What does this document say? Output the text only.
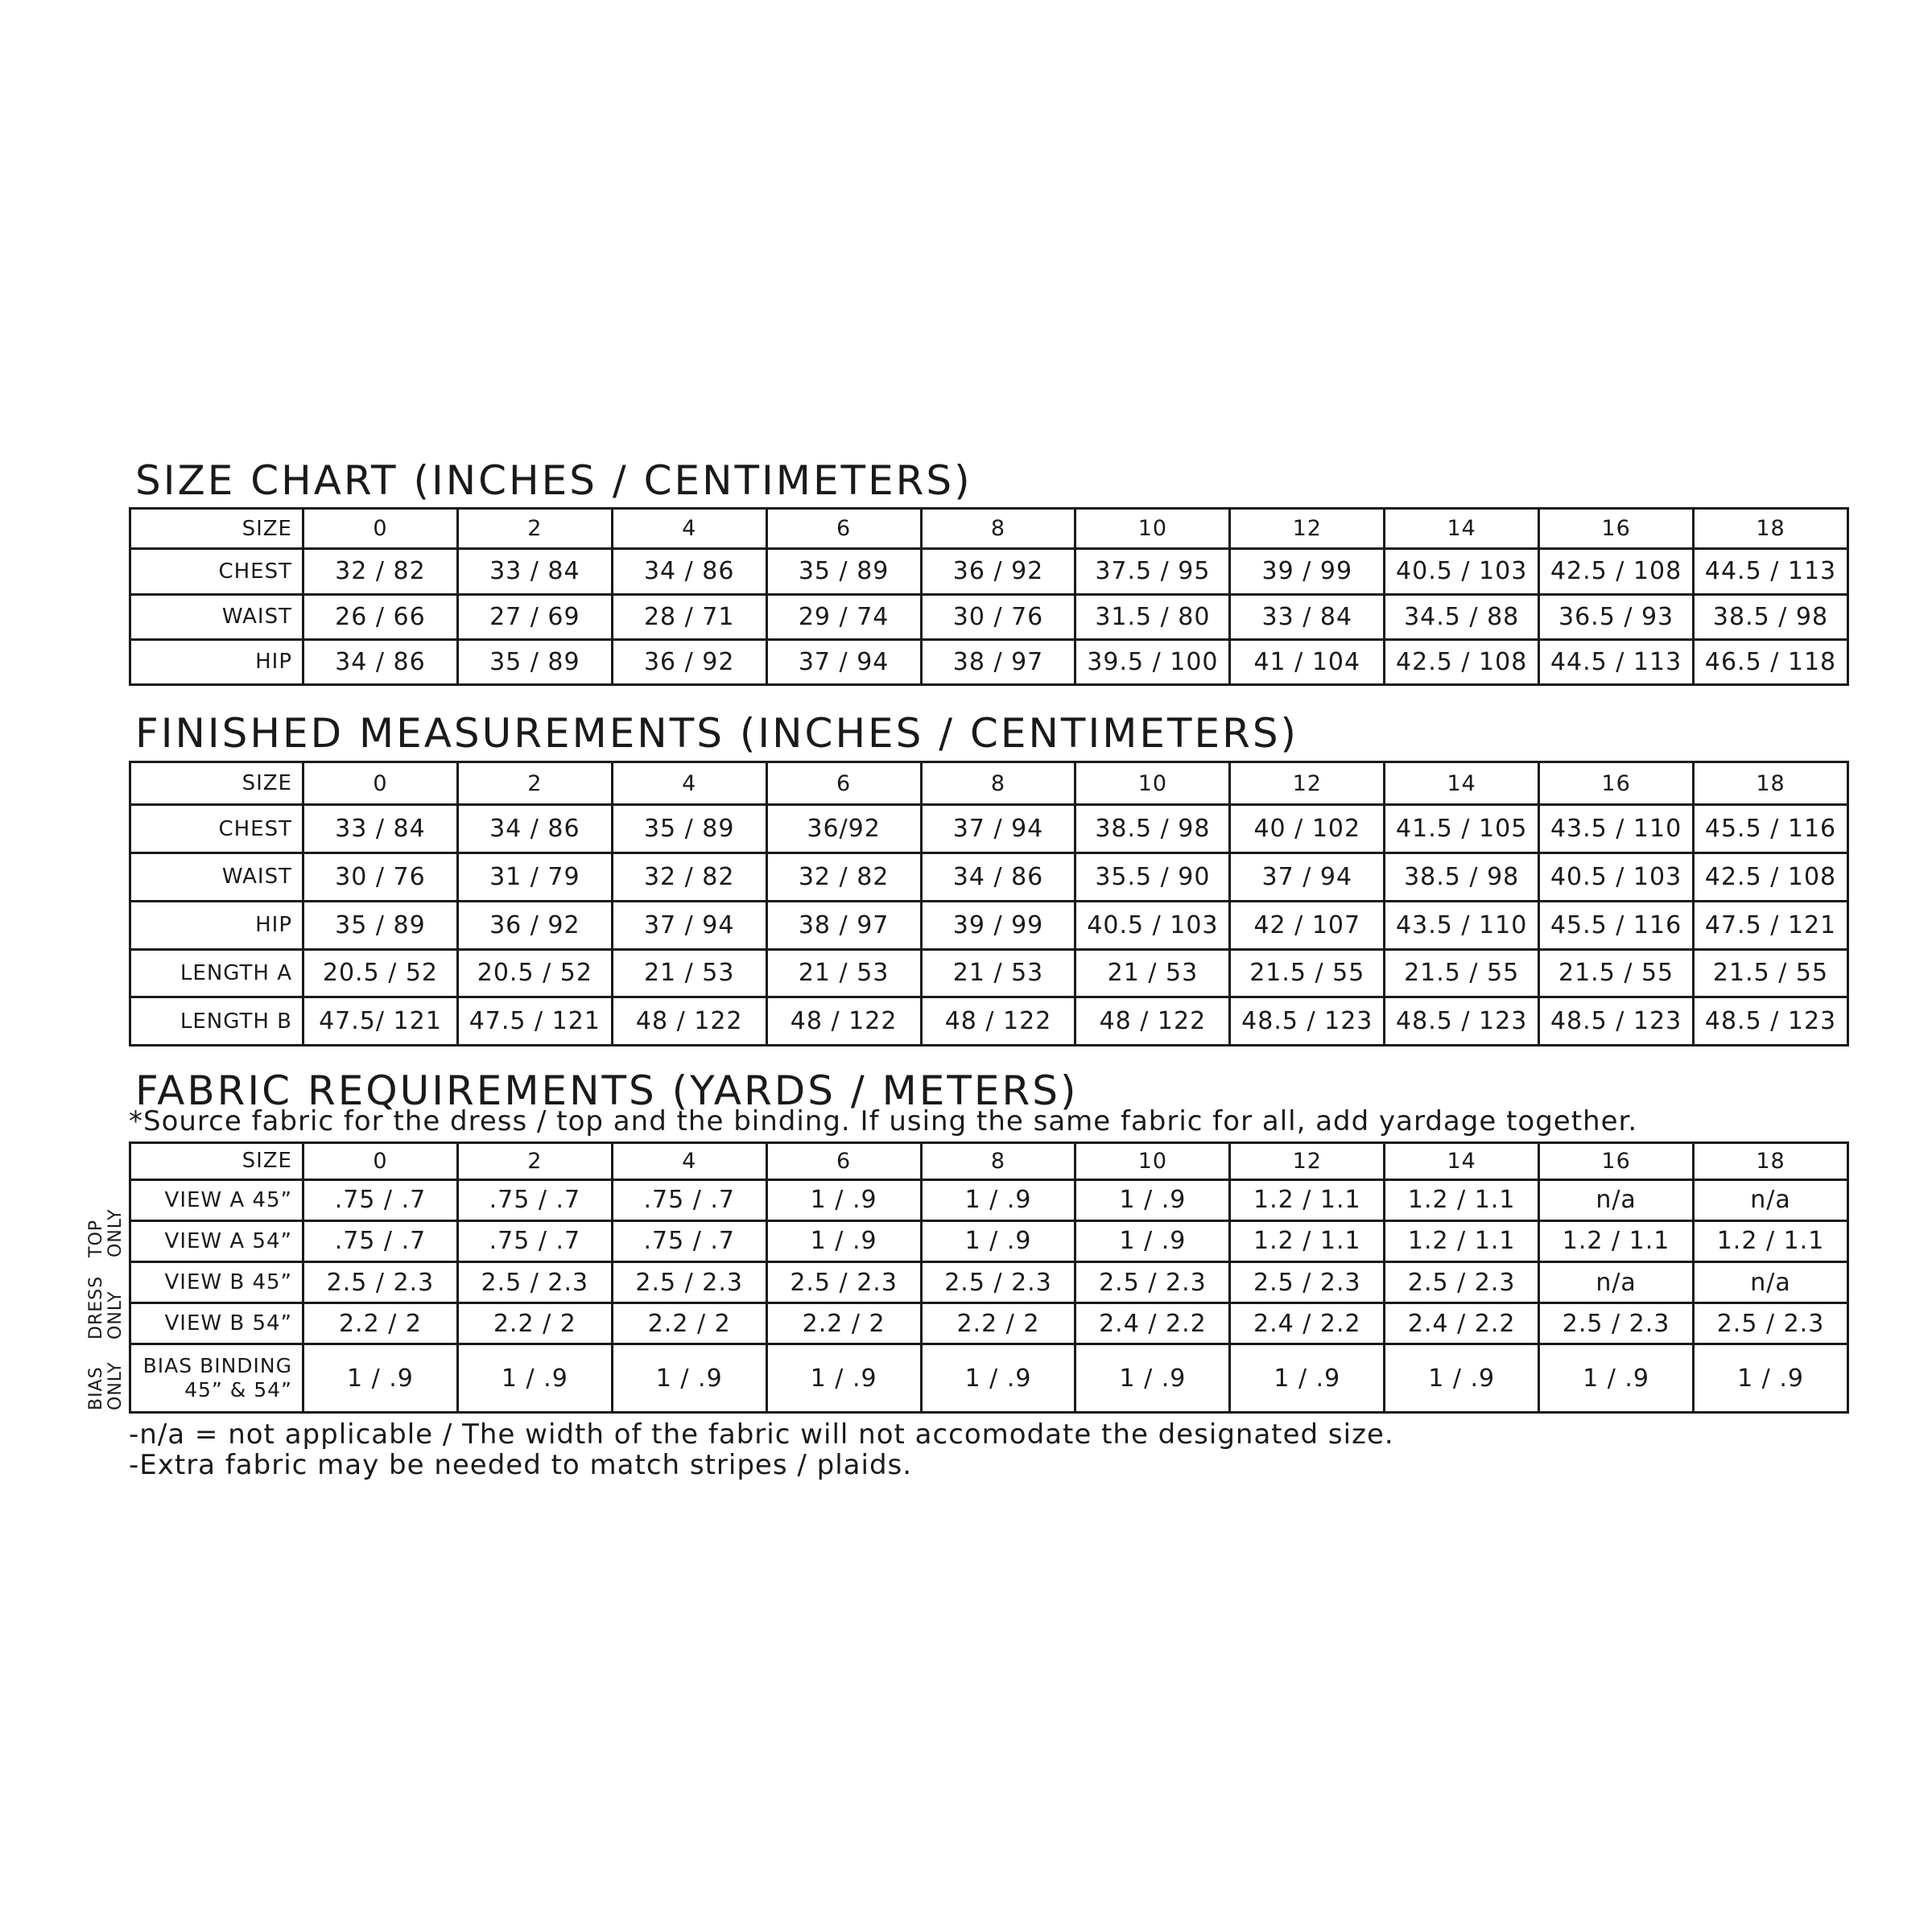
SIZE CHART (INCHES / CENTIMETERS)
SIZE	0	2	4	6	8	10	12	14	16	18
CHEST	32 / 82	33 / 84	34 / 86	35 / 89	36 / 92	37.5 / 95	39 / 99	40.5 / 103	42.5 / 108	44.5 / 113
WAIST	26 / 66	27 / 69	28 / 71	29 / 74	30 / 76	31.5 / 80	33 / 84	34.5 / 88	36.5 / 93	38.5 / 98
HIP	34 / 86	35 / 89	36 / 92	37 / 94	38 / 97	39.5 / 100	41 / 104	42.5 / 108	44.5 / 113	46.5 / 118
FINISHED MEASUREMENTS (INCHES / CENTIMETERS)
SIZE	0	2	4	6	8	10	12	14	16	18
CHEST	33 / 84	34 / 86	35 / 89	36/92	37 / 94	38.5 / 98	40 / 102	41.5 / 105	43.5 / 110	45.5 / 116
WAIST	30 / 76	31 / 79	32 / 82	32 / 82	34 / 86	35.5 / 90	37 / 94	38.5 / 98	40.5 / 103	42.5 / 108
HIP	35 / 89	36 / 92	37 / 94	38 / 97	39 / 99	40.5 / 103	42 / 107	43.5 / 110	45.5 / 116	47.5 / 121
LENGTH A	20.5 / 52	20.5 / 52	21 / 53	21 / 53	21 / 53	21 / 53	21.5 / 55	21.5 / 55	21.5 / 55	21.5 / 55
LENGTH B	47.5/ 121	47.5 / 121	48 / 122	48 / 122	48 / 122	48 / 122	48.5 / 123	48.5 / 123	48.5 / 123	48.5 / 123
FABRIC REQUIREMENTS (YARDS / METERS)

*Source fabric for the dress / top and the binding. If using the same fabric for all, add yardage together.

SIZE	0	2	4	6	8	10	12	14	16	18
VIEW A 45”	.75 / .7	.75 / .7	.75 / .7	1 / .9	1 / .9	1 / .9	1.2 / 1.1	1.2 / 1.1	n/a	n/a
VIEW A 54”	.75 / .7	.75 / .7	.75 / .7	1 / .9	1 / .9	1 / .9	1.2 / 1.1	1.2 / 1.1	1.2 / 1.1	1.2 / 1.1
VIEW B 45”	2.5 / 2.3	2.5 / 2.3	2.5 / 2.3	2.5 / 2.3	2.5 / 2.3	2.5 / 2.3	2.5 / 2.3	2.5 / 2.3	n/a	n/a
VIEW B 54”	2.2 / 2	2.2 / 2	2.2 / 2	2.2 / 2	2.2 / 2	2.4 / 2.2	2.4 / 2.2	2.4 / 2.2	2.5 / 2.3	2.5 / 2.3

BIAS BINDING
45” & 54”	1 / .9	1 / .9	1 / .9	1 / .9	1 / .9	1 / .9	1 / .9	1 / .9	1 / .9	1 / .9
TOP ONLY
DRESS ONLY
BIAS ONLY

-n/a = not applicable / The width of the fabric will not accomodate the designated size.

-Extra fabric may be needed to match stripes / plaids.
